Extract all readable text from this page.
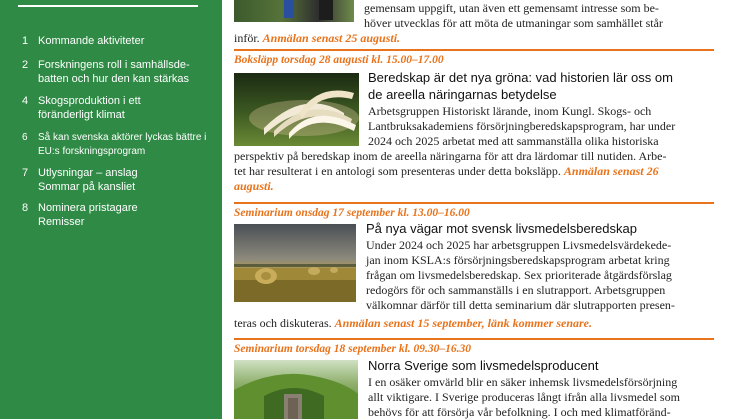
1 Kommande aktiviteter
2 Forskningens roll i samhällsde-batten och hur den kan stärkas
4 Skogsproduktion i ett föränderligt klimat
6	Så kan svenska aktörer lyckas bättre i EU:s forskningsprogram
7 Utlysningar – anslag
Sommar på kansliet
8 Nominera pristagare
Remisser
gemensam uppgift, utan även ett gemensamt intresse som be-
höver utvecklas för att möta de utmaningar som samhället står
inför. Anmälan senast 25 augusti.
Boksläpp torsdag 28 augusti kl. 15.00–17.00
Beredskap är det nya gröna: vad historien lär oss om
de areella näringarnas betydelse
Arbetsgruppen Historiskt lärande, inom Kungl. Skogs- och
Lantbruksakademiens försörjningberedskapsprogram, har under
2024 och 2025 arbetat med att sammanställa olika historiska
perspektiv på beredskap inom de areella näringarna för att dra lärdomar till nutiden. Arbe-
tet har resulterat i en antologi som presenteras under detta boksläpp. Anmälan senast 26
augusti.
Seminarium onsdag 17 september kl. 13.00–16.00
På nya vägar mot svensk livsmedelsberedskap
Under 2024 och 2025 har arbetsgruppen Livsmedelsvärdekedе-
jan inom KSLA:s försörjningsberedskapsprogram arbetat kring
frågan om livsmedelsberedskap. Sex prioriterade åtgärdsförslag
redogörs för och sammanställs i en slutrapport. Arbetsgruppen
välkomnar därför till detta seminarium där slutrapporten presen-
teras och diskuteras. Anmälan senast 15 september, länk kommer senare.
Seminarium torsdag 18 september kl. 09.30–16.30
Norra Sverige som livsmedelsproducent
I en osäker omvärld blir en säker inhemsk livsmedelsförsörjning
allt viktigare. I Sverige produceras långt ifrån alla livsmedel som
behövs för att försörja vår befolkning. I och med klimatföränd-
